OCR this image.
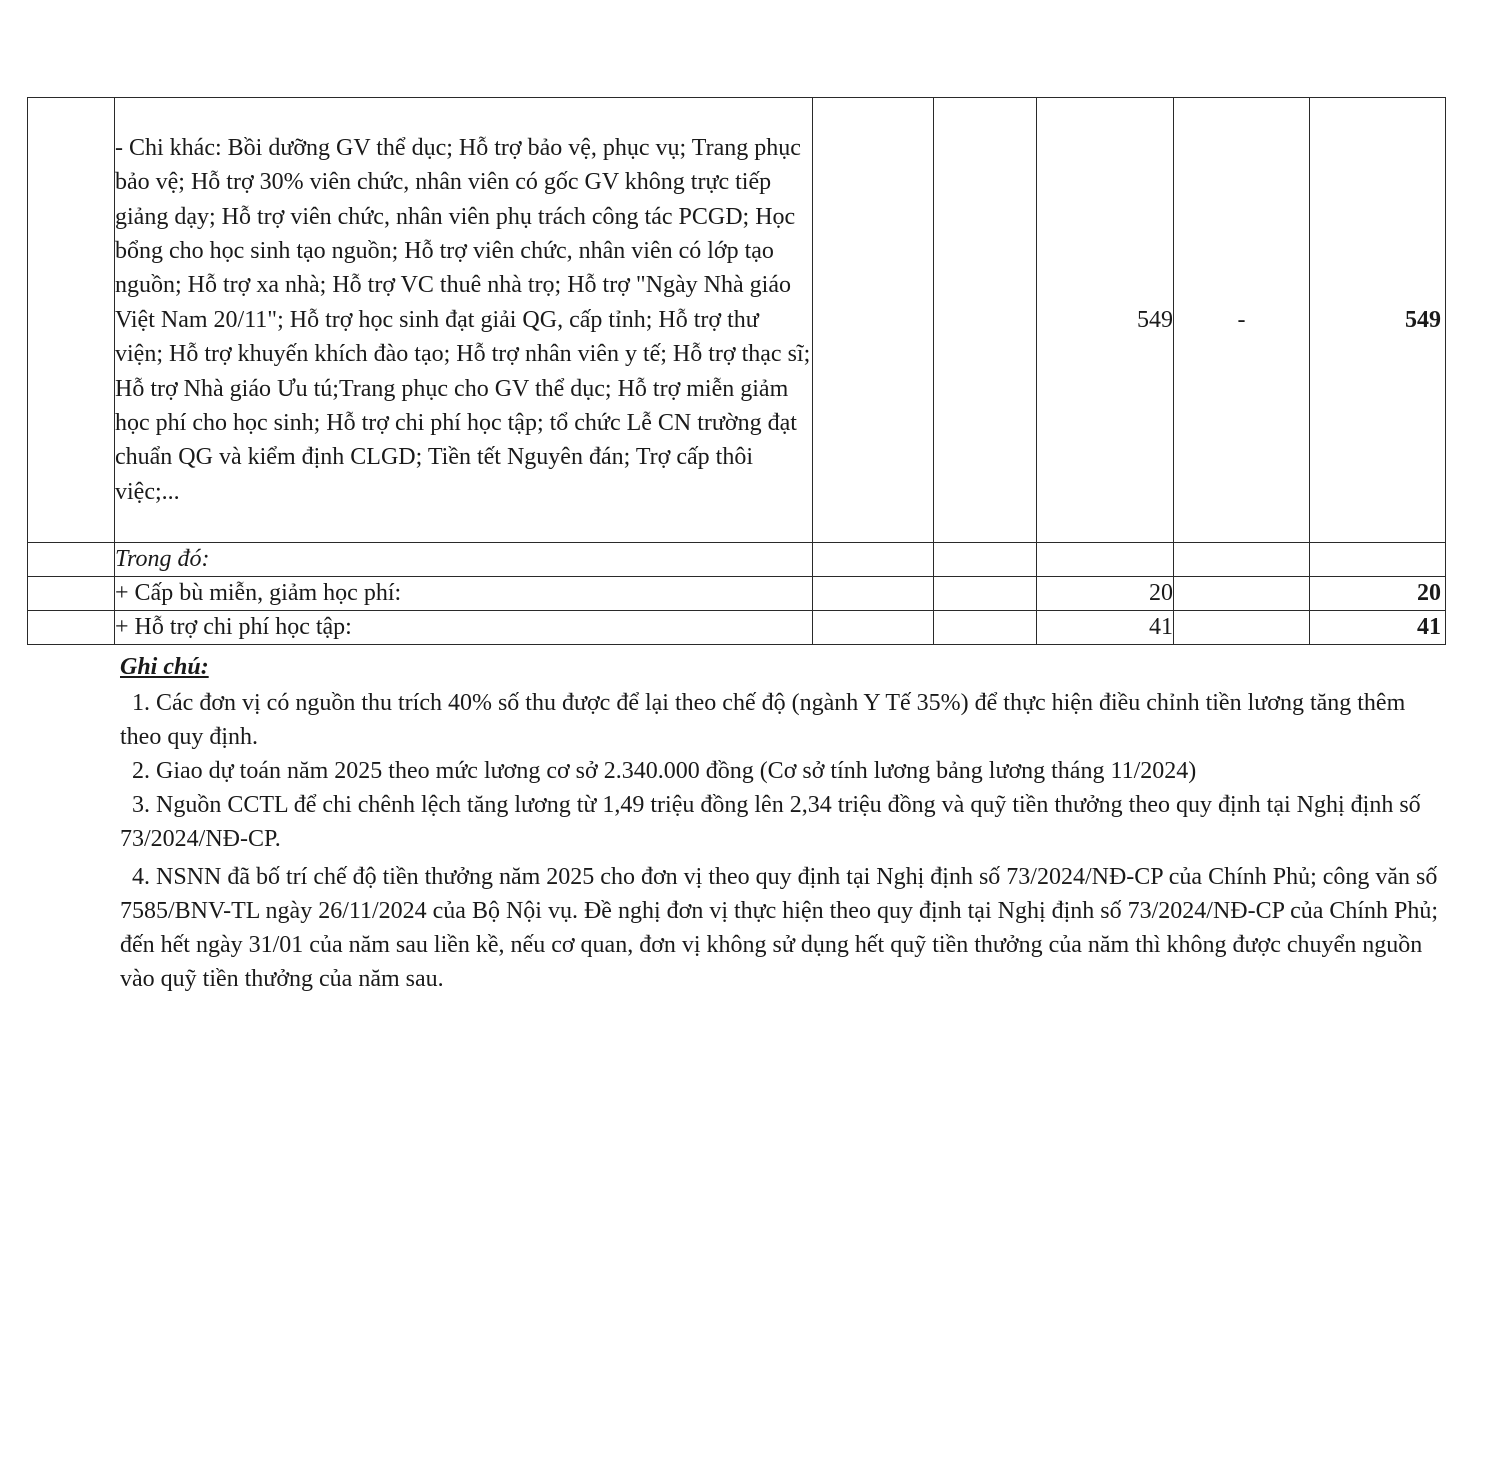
	- Chi khác: Bồi dưỡng GV thể dục; Hỗ trợ bảo vệ, phục vụ; Trang phục bảo vệ; Hỗ trợ 30% viên chức, nhân viên có gốc GV không trực tiếp giảng dạy; Hỗ trợ viên chức, nhân viên phụ trách công tác PCGD; Học bổng cho học sinh tạo nguồn; Hỗ trợ viên chức, nhân viên có lớp tạo nguồn; Hỗ trợ xa nhà; Hỗ trợ VC thuê nhà trọ; Hỗ trợ "Ngày Nhà giáo Việt Nam 20/11"; Hỗ trợ học sinh đạt giải QG, cấp tỉnh; Hỗ trợ thư viện; Hỗ trợ khuyến khích đào tạo; Hỗ trợ nhân viên y tế; Hỗ trợ thạc sĩ; Hỗ trợ Nhà giáo Ưu tú;Trang phục cho GV thể dục; Hỗ trợ miễn giảm học phí cho học sinh; Hỗ trợ chi phí học tập; tổ chức Lễ CN trường đạt chuẩn QG và kiểm định CLGD; Tiền tết Nguyên đán; Trợ cấp thôi việc;...			549	-	549
	Trong đó:					
	+ Cấp bù miễn, giảm học phí:			20		20
	+ Hỗ trợ chi phí học tập:			41		41
Ghi chú:

1. Các đơn vị có nguồn thu trích 40% số thu được để lại theo chế độ (ngành Y Tế 35%) để thực hiện điều chỉnh tiền lương tăng thêm theo quy định.

2. Giao dự toán năm 2025 theo mức lương cơ sở 2.340.000 đồng (Cơ sở tính lương bảng lương tháng 11/2024)

3. Nguồn CCTL để chi chênh lệch tăng lương từ 1,49 triệu đồng lên 2,34 triệu đồng và quỹ tiền thưởng theo quy định tại Nghị định số 73/2024/NĐ-CP.

4. NSNN đã bố trí chế độ tiền thưởng năm 2025 cho đơn vị theo quy định tại Nghị định số 73/2024/NĐ-CP của Chính Phủ; công văn số 7585/BNV-TL ngày 26/11/2024 của Bộ Nội vụ. Đề nghị đơn vị thực hiện theo quy định tại Nghị định số 73/2024/NĐ-CP của Chính Phủ; đến hết ngày 31/01 của năm sau liền kề, nếu cơ quan, đơn vị không sử dụng hết quỹ tiền thưởng của năm thì không được chuyển nguồn vào quỹ tiền thưởng của năm sau.
